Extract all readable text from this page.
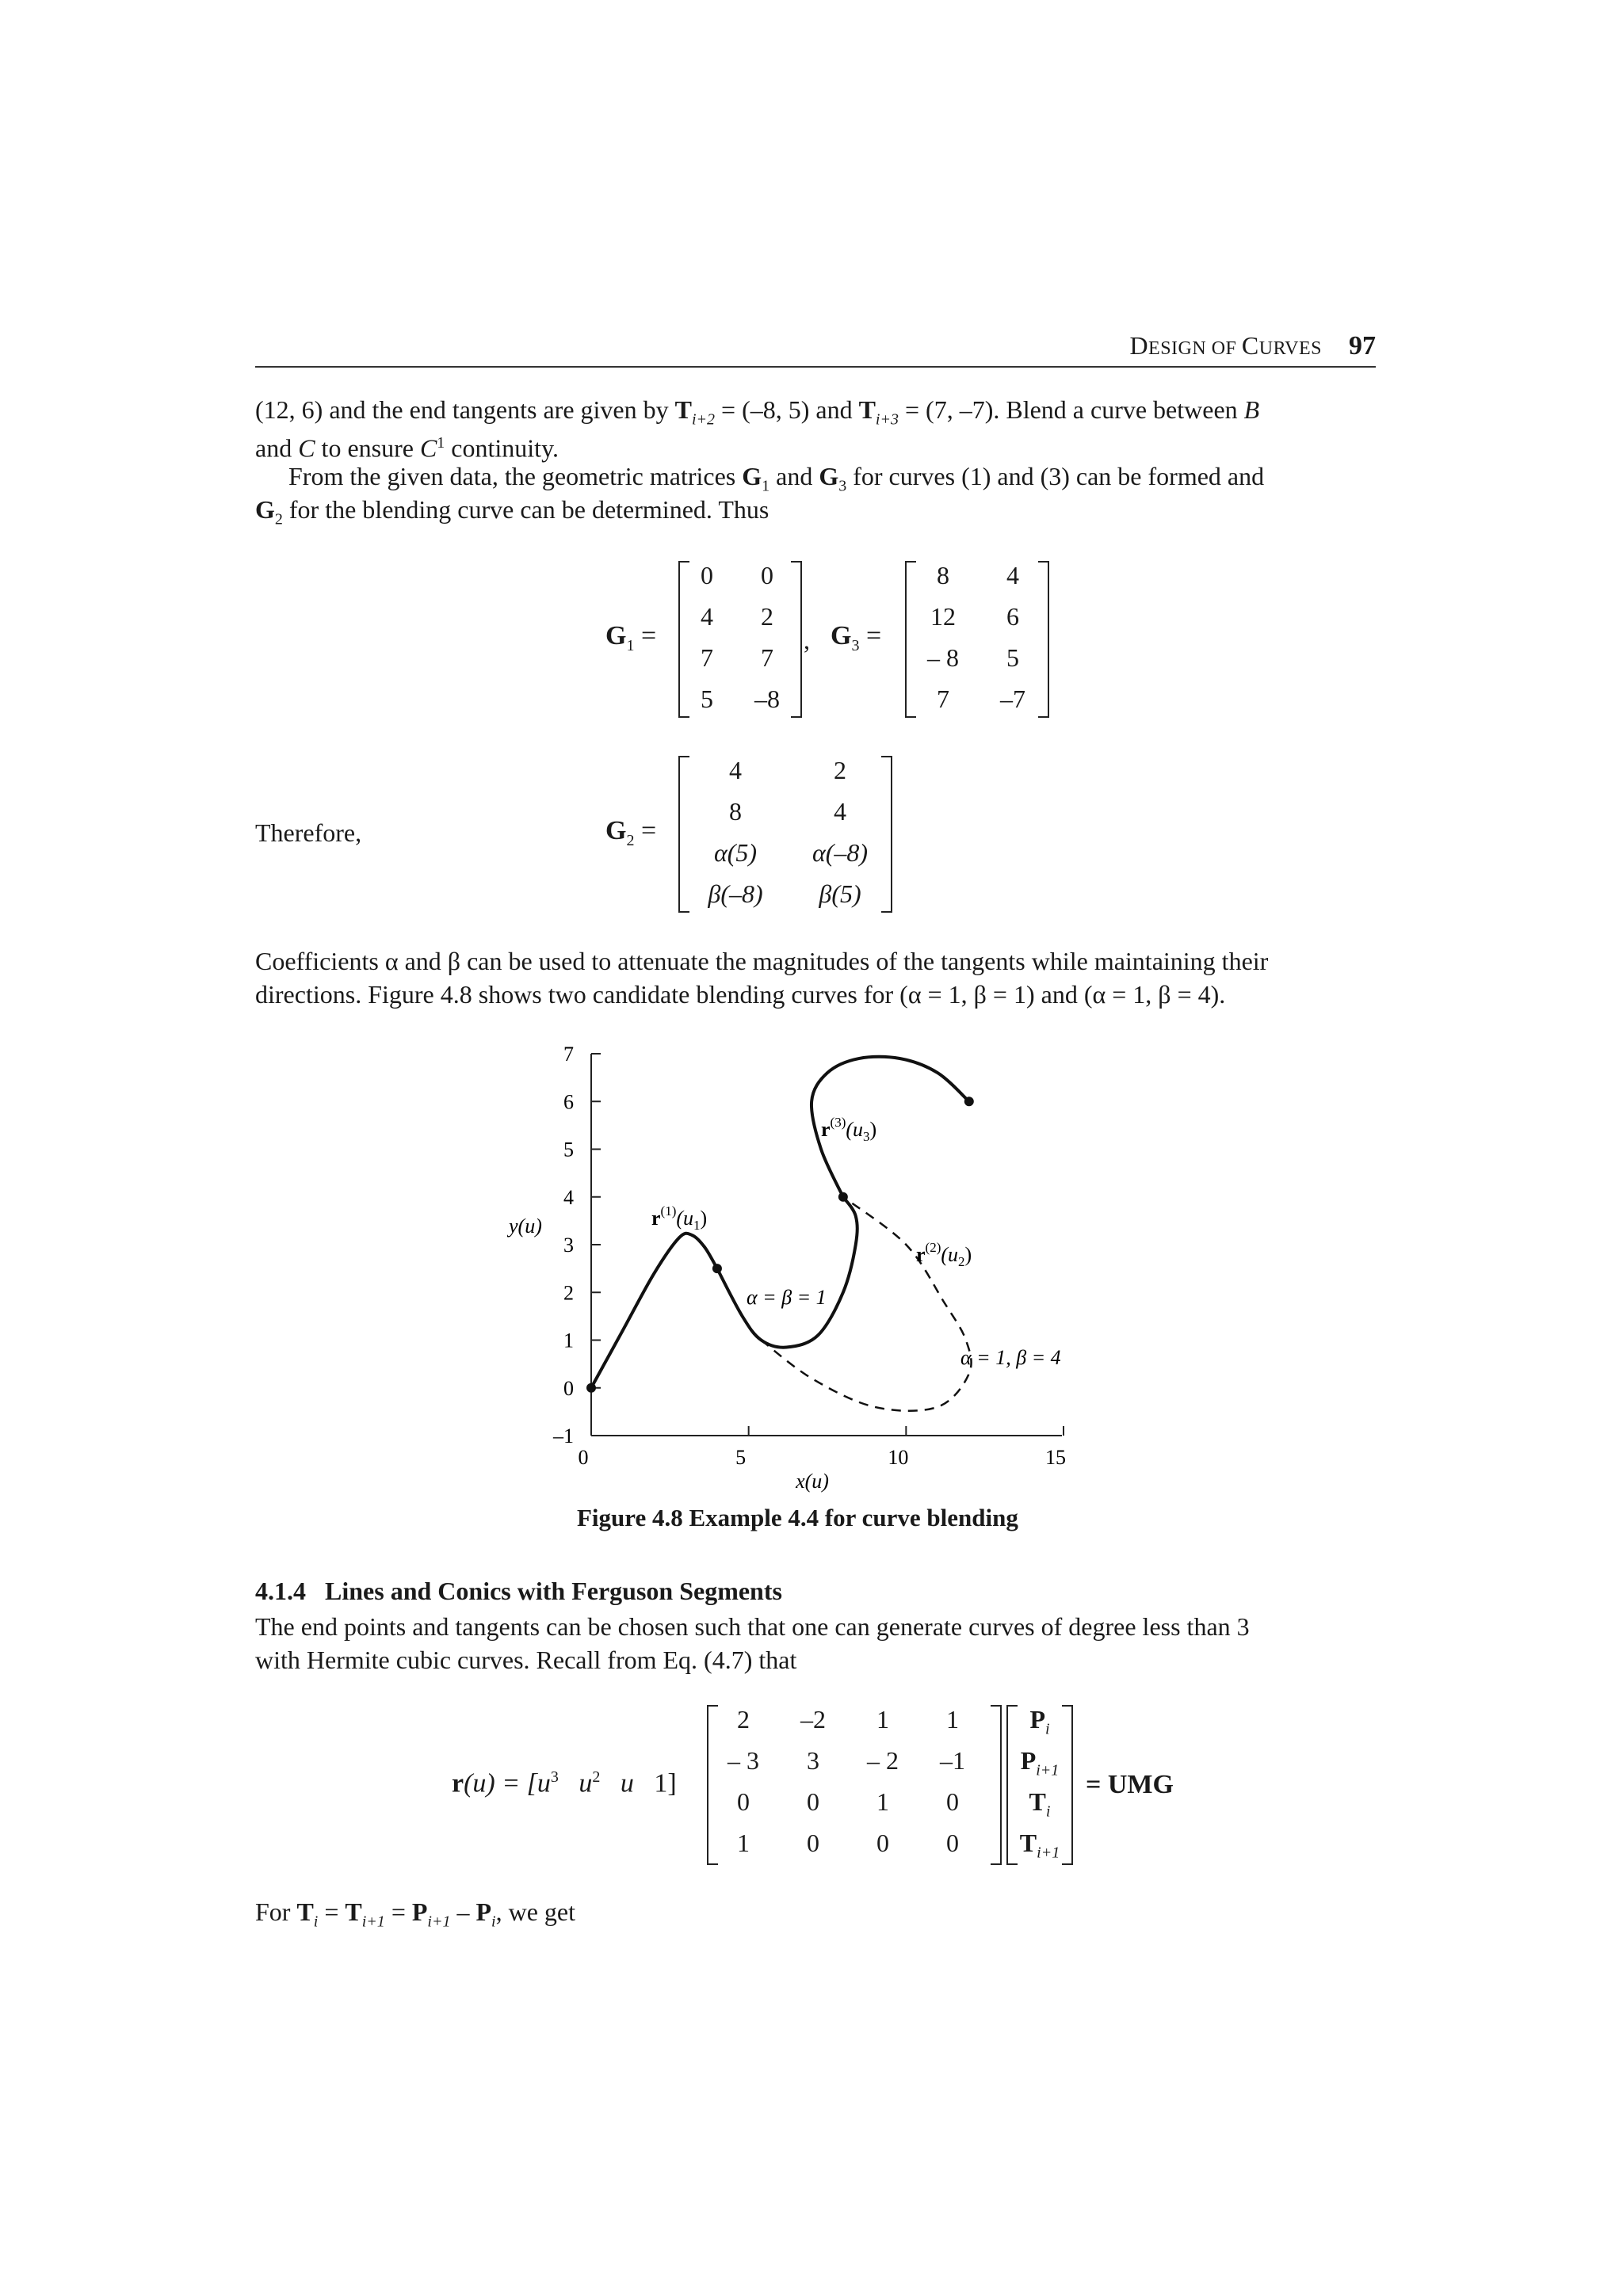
DESIGN OF CURVES 97
(12, 6) and the end tangents are given by $T_{i+2} = (-8$, 5) and $T_{i+3} = (7$, –7). Blend a curve between B
and C to ensure $C^1$ continuity.
From the given data, the geometric matrices $G_1$ and $G_3$ for curves (1) and (3) can be formed and
$G_2$ for the blending curve can be determined. Thus
$G_1$ =
0	0
4	2
7	7
5	–8
, $G_3$ =
8	4
12	6
– 8	5
7	–7
Therefore,	$G_2$ =
4	2
8	4
α(5)	α(–8)
β(–8)	β(5)
Coefficients α and β can be used to attenuate the magnitudes of the tangents while maintaining their
directions. Figure 4.8 shows two candidate blending curves for (α = 1, β = 1) and (α = 1, β = 4).
–1
0
1
2
3
4
5
6
7
0	5	10	15
y(u)
x(u)
$r^{(3)}(u_3)$
$r^{(1)}(u_1)$
$r^{(2)}(u_2)$
α = β = 1
α = 1, β = 4
Figure 4.8 Example 4.4 for curve blending
4.1.4 Lines and Conics with Ferguson Segments
The end points and tangents can be chosen such that one can generate curves of degree less than 3
with Hermite cubic curves. Recall from Eq. (4.7) that
$r(u) = [u^3$ $u^2$ u 1]
2	–2	1	1
– 3	3	– 2	–1
0	0	1	0
1	0	0	0
$P_i$
$P_{i+1}$
$T_i$
$T_{i+1}$
= UMG
For $T_i = T_{i+1} = P_{i+1} - P_i$, we get
